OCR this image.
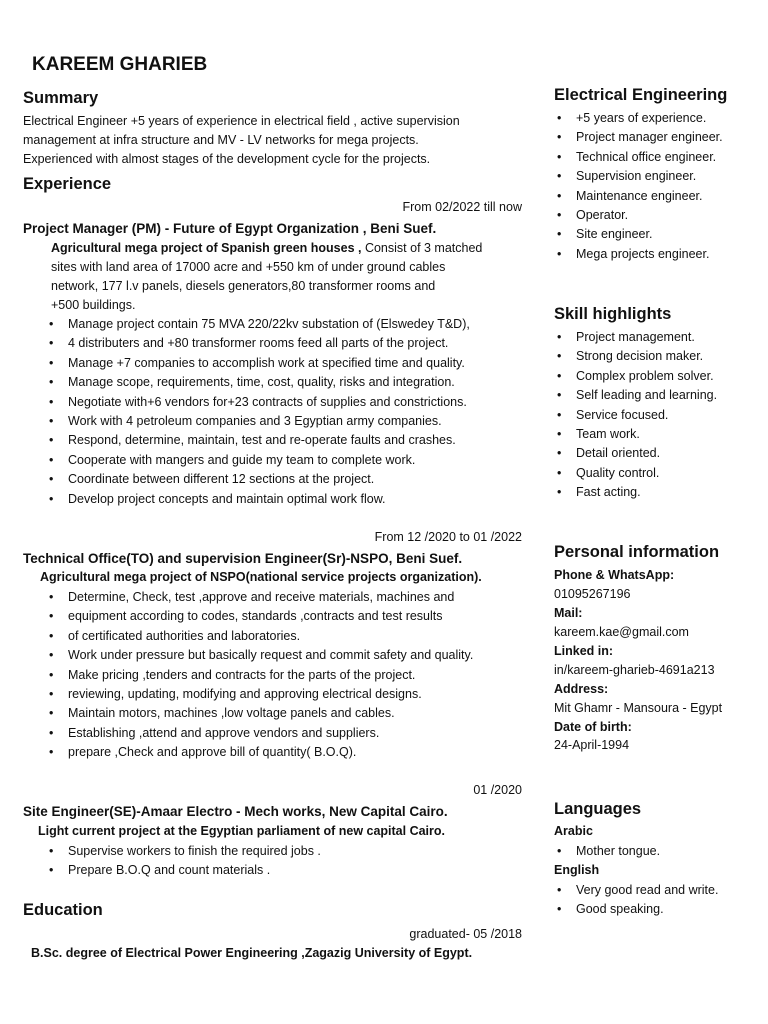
KAREEM GHARIEB
Summary
Electrical Engineer +5 years of experience in electrical field , active supervision
management at infra structure and MV - LV networks for mega projects.
Experienced with almost stages of the development cycle for the projects.
Experience
From 02/2022 till now
Project Manager (PM) - Future of Egypt Organization , Beni Suef.
Agricultural mega project of Spanish green houses , Consist of 3 matched
sites with land area of 17000 acre and +550 km of under ground cables
network, 177 l.v panels, diesels generators,80 transformer rooms and
+500 buildings.
• Manage project contain 75 MVA 220/22kv substation of (Elswedey T&D),
• 4 distributers and +80 transformer rooms feed all parts of the project.
• Manage +7 companies to accomplish work at specified time and quality.
• Manage scope, requirements, time, cost, quality, risks and integration.
• Negotiate with+6 vendors for+23 contracts of supplies and constrictions.
• Work with 4 petroleum companies and 3 Egyptian army companies.
• Respond, determine, maintain, test and re-operate faults and crashes.
• Cooperate with mangers and guide my team to complete work.
• Coordinate between different 12 sections at the project.
• Develop project concepts and maintain optimal work flow.
From 12 /2020 to 01 /2022
Technical Office(TO) and supervision Engineer(Sr)-NSPO, Beni Suef.
Agricultural mega project of NSPO(national service projects organization).
• Determine, Check, test ,approve and receive materials, machines and
• equipment according to codes, standards ,contracts and test results
• of certificated authorities and laboratories.
• Work under pressure but basically request and commit safety and quality.
• Make pricing ,tenders and contracts for the parts of the project.
• reviewing, updating, modifying and approving electrical designs.
• Maintain motors, machines ,low voltage panels and cables.
• Establishing ,attend and approve vendors and suppliers.
• prepare ,Check and approve bill of quantity( B.O.Q).
01 /2020
Site Engineer(SE)-Amaar Electro - Mech works, New Capital Cairo.
Light current project at the Egyptian parliament of new capital Cairo.
• Supervise workers to finish the required jobs .
• Prepare B.O.Q and count materials .
Education
graduated- 05 /2018
B.Sc. degree of Electrical Power Engineering ,Zagazig University of Egypt.
Electrical Engineering
• +5 years of experience.
• Project manager engineer.
• Technical office engineer.
• Supervision engineer.
• Maintenance engineer.
• Operator.
• Site engineer.
• Mega projects engineer.
Skill highlights
• Project management.
• Strong decision maker.
• Complex problem solver.
• Self leading and learning.
• Service focused.
• Team work.
• Detail oriented.
• Quality control.
• Fast acting.
Personal information
Phone & WhatsApp:
01095267196
Mail:
kareem.kae@gmail.com
Linked in:
in/kareem-gharieb-4691a213
Address:
Mit Ghamr - Mansoura - Egypt
Date of birth:
24-April-1994
Languages
Arabic
• Mother tongue.
English
• Very good read and write.
• Good speaking.
